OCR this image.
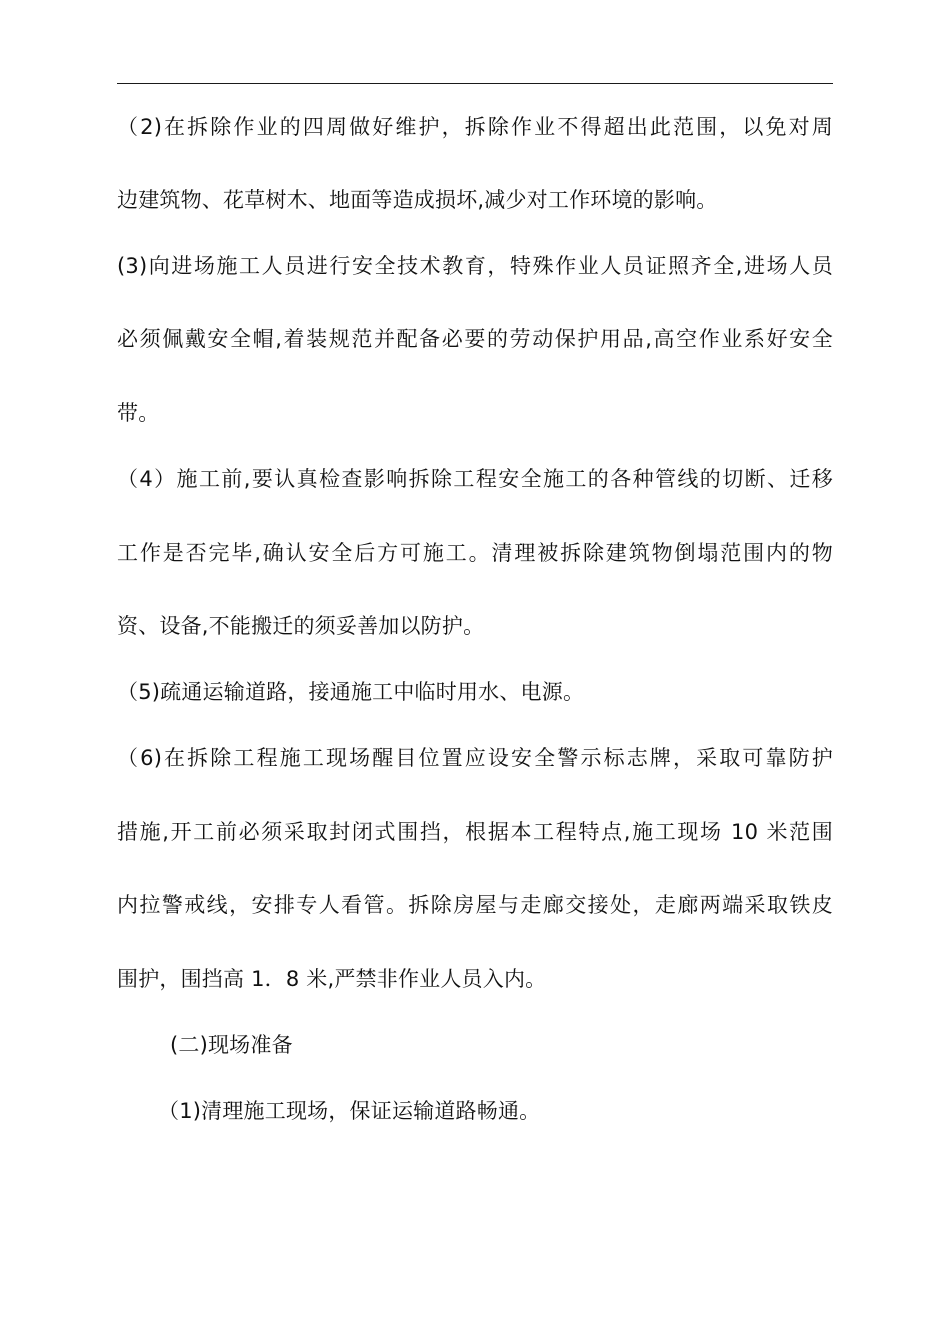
（2)在拆除作业的四周做好维护，拆除作业不得超出此范围，以免对周
边建筑物、花草树木、地面等造成损坏,减少对工作环境的影响。
(3)向进场施工人员进行安全技术教育，特殊作业人员证照齐全,进场人员
必须佩戴安全帽,着装规范并配备必要的劳动保护用品,高空作业系好安全
带。
（4）施工前,要认真检查影响拆除工程安全施工的各种管线的切断、迁移
工作是否完毕,确认安全后方可施工。清理被拆除建筑物倒塌范围内的物
资、设备,不能搬迁的须妥善加以防护。
（5)疏通运输道路，接通施工中临时用水、电源。
（6)在拆除工程施工现场醒目位置应设安全警示标志牌，采取可靠防护
措施,开工前必须采取封闭式围挡，根据本工程特点,施工现场 10 米范围
内拉警戒线，安排专人看管。拆除房屋与走廊交接处，走廊两端采取铁皮
围护，围挡高 1．8 米,严禁非作业人员入内。
(二)现场准备
（1)清理施工现场，保证运输道路畅通。
